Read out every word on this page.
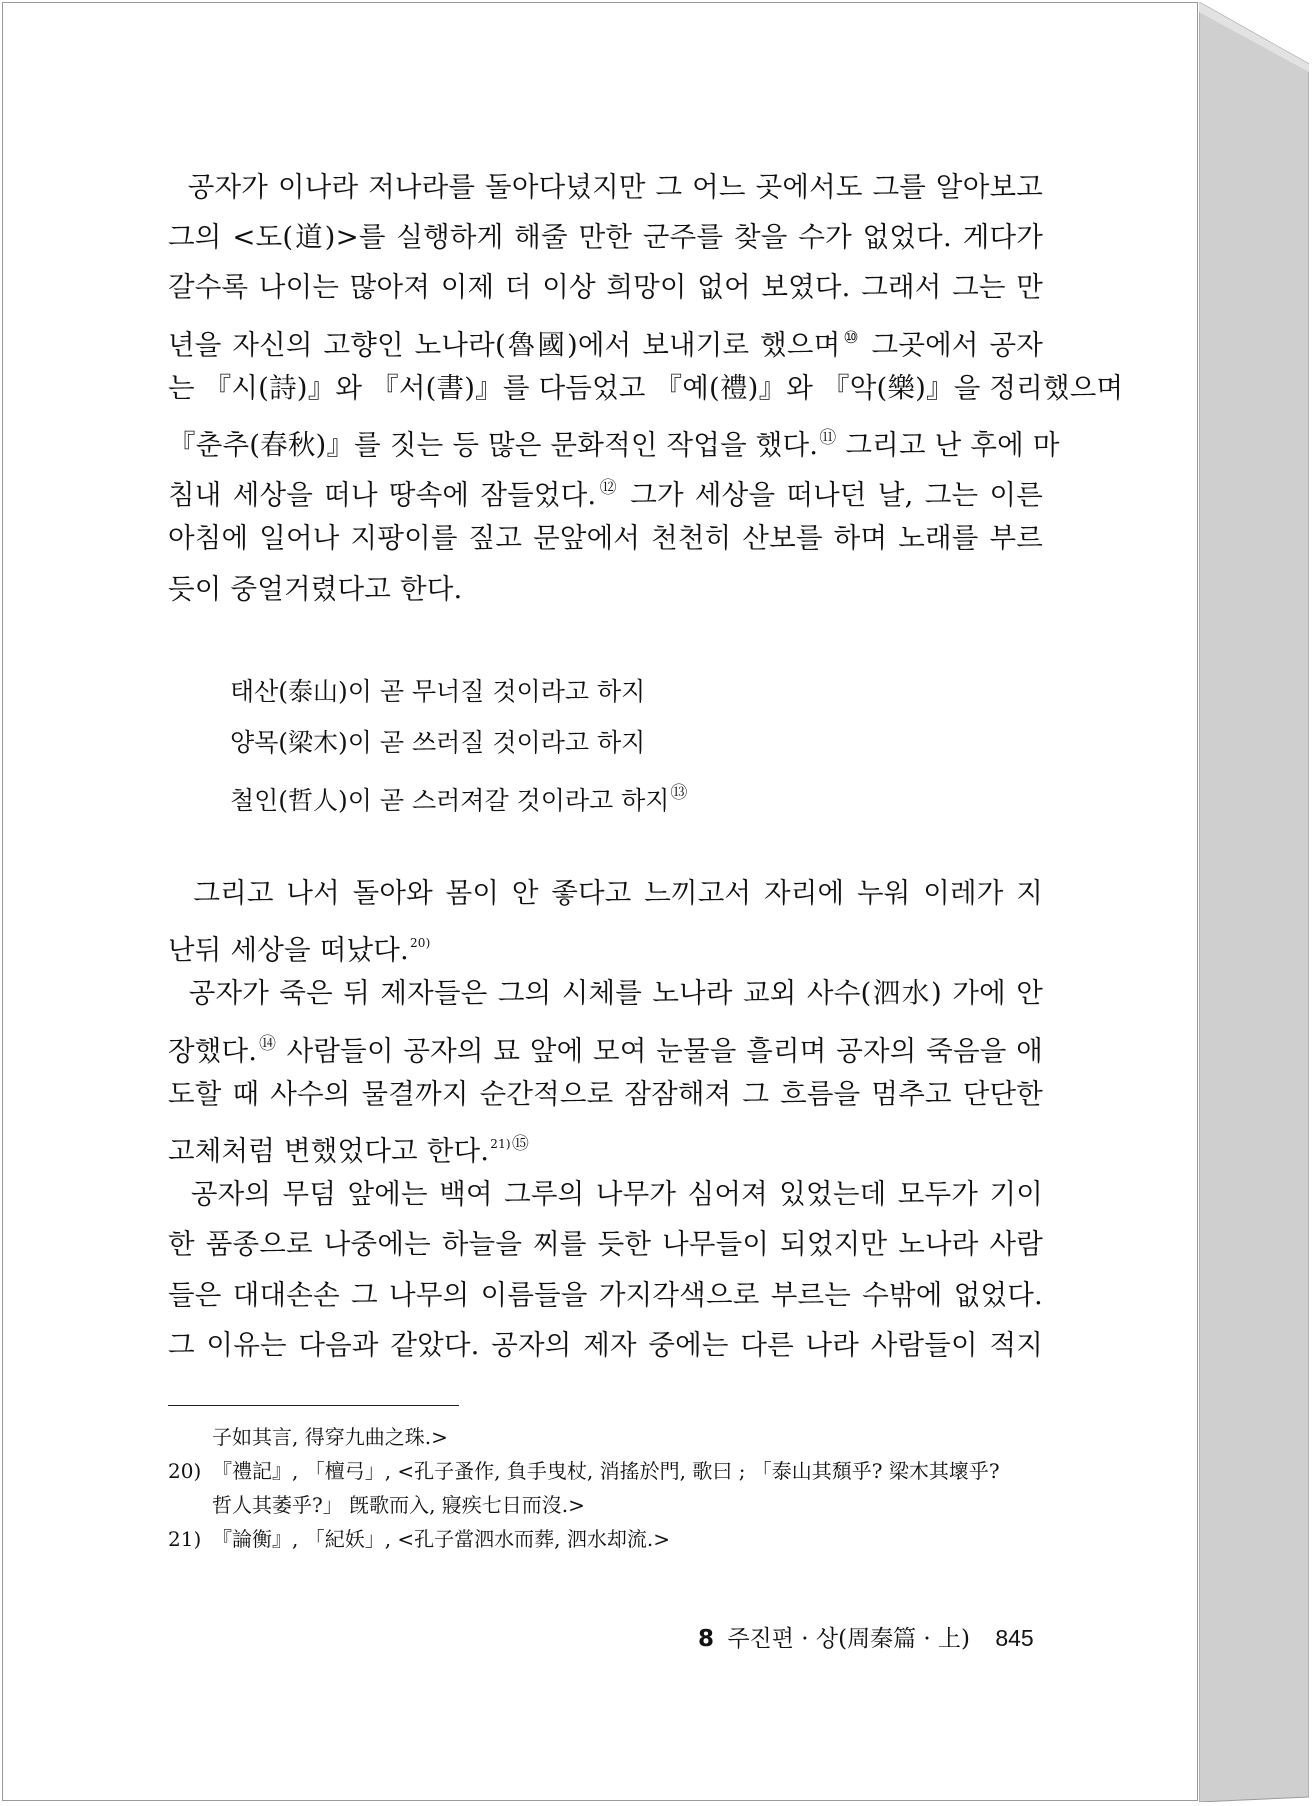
공자가 이나라 저나라를 돌아다녔지만 그 어느 곳에서도 그를 알아보고
그의 <도(道)>를 실행하게 해줄 만한 군주를 찾을 수가 없었다. 게다가
갈수록 나이는 많아져 이제 더 이상 희망이 없어 보였다. 그래서 그는 만
년을 자신의 고향인 노나라(魯國)에서 보내기로 했으며⑩ 그곳에서 공자
는 『시(詩)』와 『서(書)』를 다듬었고 『예(禮)』와 『악(樂)』을 정리했으며
『춘추(春秋)』를 짓는 등 많은 문화적인 작업을 했다.⑪ 그리고 난 후에 마
침내 세상을 떠나 땅속에 잠들었다.⑫ 그가 세상을 떠나던 날, 그는 이른
아침에 일어나 지팡이를 짚고 문앞에서 천천히 산보를 하며 노래를 부르
듯이 중얼거렸다고 한다.
태산(泰山)이 곧 무너질 것이라고 하지
양목(梁木)이 곧 쓰러질 것이라고 하지
철인(哲人)이 곧 스러져갈 것이라고 하지⑬
그리고 나서 돌아와 몸이 안 좋다고 느끼고서 자리에 누워 이레가 지
난뒤 세상을 떠났다.$^{20)}$
공자가 죽은 뒤 제자들은 그의 시체를 노나라 교외 사수(泗水) 가에 안
장했다.⑭ 사람들이 공자의 묘 앞에 모여 눈물을 흘리며 공자의 죽음을 애
도할 때 사수의 물결까지 순간적으로 잠잠해져 그 흐름을 멈추고 단단한
고체처럼 변했었다고 한다.$^{21)⑮}$
공자의 무덤 앞에는 백여 그루의 나무가 심어져 있었는데 모두가 기이
한 품종으로 나중에는 하늘을 찌를 듯한 나무들이 되었지만 노나라 사람
들은 대대손손 그 나무의 이름들을 가지각색으로 부르는 수밖에 없었다.
그 이유는 다음과 같았다. 공자의 제자 중에는 다른 나라 사람들이 적지
子如其言, 得穿九曲之珠.>
20) 『禮記』, 「檀弓」, <孔子蚤作, 負手曳杖, 消搖於門, 歌曰 ; 「泰山其頹乎? 梁木其壞乎?
哲人其萎乎?」 旣歌而入, 寢疾七日而沒.>
21) 『論衡』, 「紀妖」, <孔子當泗水而葬, 泗水却流.>
8 주진편 · 상(周秦篇 · 上) 845
